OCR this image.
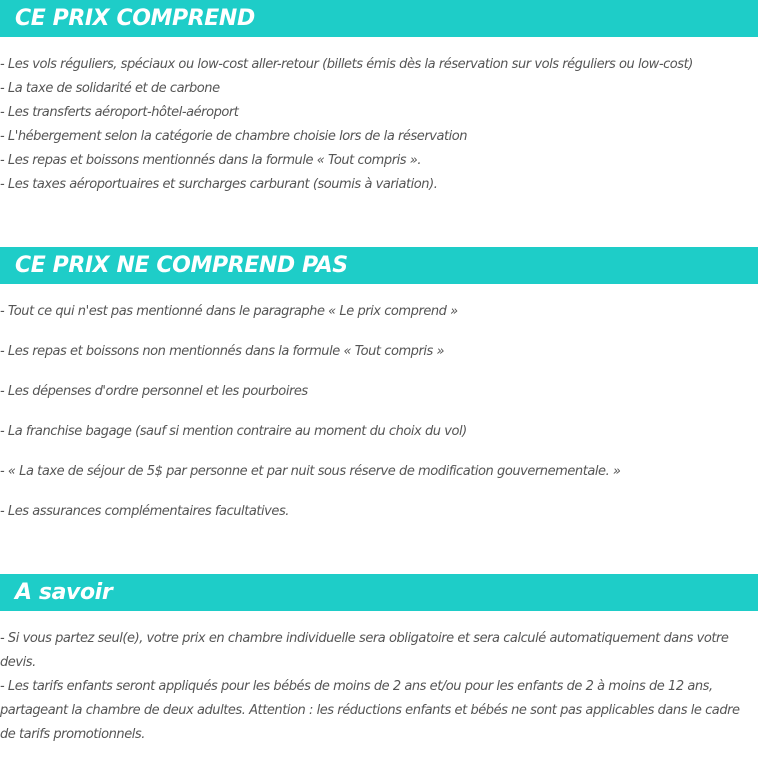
CE PRIX COMPREND
- Les vols réguliers, spéciaux ou low-cost aller-retour (billets émis dès la réservation sur vols réguliers ou low-cost)
- La taxe de solidarité et de carbone
- Les transferts aéroport-hôtel-aéroport
- L'hébergement selon la catégorie de chambre choisie lors de la réservation
- Les repas et boissons mentionnés dans la formule « Tout compris ».
- Les taxes aéroportuaires et surcharges carburant (soumis à variation).
CE PRIX NE COMPREND PAS
- Tout ce qui n'est pas mentionné dans le paragraphe « Le prix comprend »
- Les repas et boissons non mentionnés dans la formule « Tout compris »
- Les dépenses d'ordre personnel et les pourboires
- La franchise bagage (sauf si mention contraire au moment du choix du vol)
- « La taxe de séjour de 5$ par personne et par nuit sous réserve de modification gouvernementale. »
- Les assurances complémentaires facultatives.
A savoir
- Si vous partez seul(e), votre prix en chambre individuelle sera obligatoire et sera calculé automatiquement dans votre devis.
- Les tarifs enfants seront appliqués pour les bébés de moins de 2 ans et/ou pour les enfants de 2 à moins de 12 ans, partageant la chambre de deux adultes. Attention : les réductions enfants et bébés ne sont pas applicables dans le cadre de tarifs promotionnels.
